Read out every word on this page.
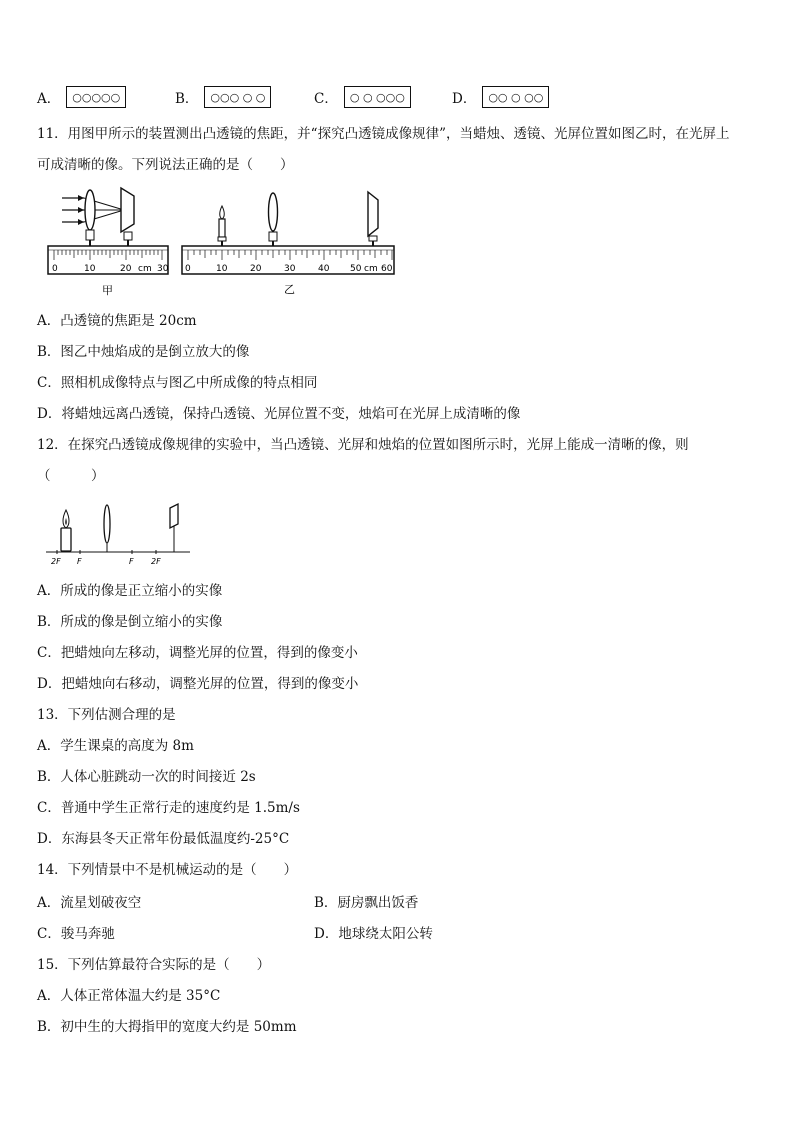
A．	○○○○○	B．	○○○ ○ ○	C．	○ ○ ○○○	D．	○○ ○ ○○
11．用图甲所示的装置测出凸透镜的焦距，并“探究凸透镜成像规律”，当蜡烛、透镜、光屏位置如图乙时，在光屏上
可成清晰的像。下列说法正确的是（　　）
0	10	20 cm 30
甲
0	10	20	30	40 50 cm 60
乙
A．凸透镜的焦距是 20cm
B．图乙中烛焰成的是倒立放大的像
C．照相机成像特点与图乙中所成像的特点相同
D．将蜡烛远离凸透镜，保持凸透镜、光屏位置不变，烛焰可在光屏上成清晰的像
12．在探究凸透镜成像规律的实验中，当凸透镜、光屏和烛焰的位置如图所示时，光屏上能成一清晰的像，则
（　　　）
2F F	F 2F
A．所成的像是正立缩小的实像
B．所成的像是倒立缩小的实像
C．把蜡烛向左移动，调整光屏的位置，得到的像变小
D．把蜡烛向右移动，调整光屏的位置，得到的像变小
13．下列估测合理的是
A．学生课桌的高度为 8m
B．人体心脏跳动一次的时间接近 2s
C．普通中学生正常行走的速度约是 1.5m/s
D．东海县冬天正常年份最低温度约-25°C
14．下列情景中不是机械运动的是（　　）
A．流星划破夜空	B．厨房飘出饭香
C．骏马奔驰	D．地球绕太阳公转
15．下列估算最符合实际的是（　　）
A．人体正常体温大约是 35°C
B．初中生的大拇指甲的宽度大约是 50mm
